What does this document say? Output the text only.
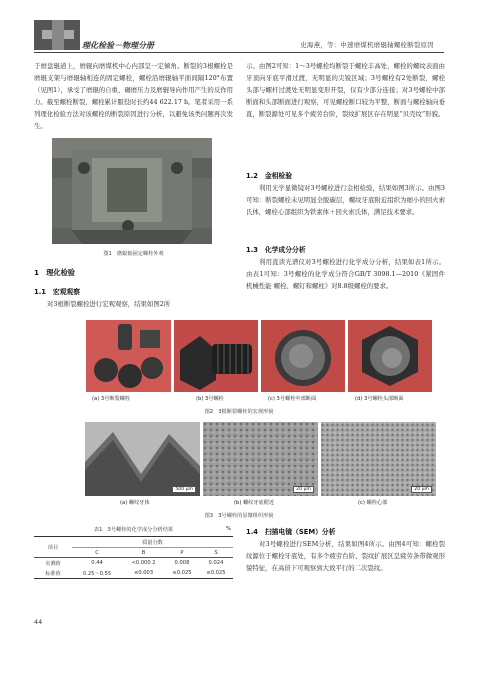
理化检验－物理分册	史海燕，等：中速磨煤机磨辊轴螺栓断裂原因
于磨盘辊道上，磨辊向磨煤机中心内部呈一定倾角。断裂的3根螺栓是磨辊支架与磨辊轴相连的固定螺栓，螺栓沿磨辊轴平面间隔120°布置（见图1），承受了磨辊的自重、碾磨压力及磨辊导向作用产生的反作用力。截至螺栓断裂，螺栓累计服役时长约44 622.17 h。笔者采用一系列理化检验方法对该螺栓的断裂原因进行分析，以避免该类问题再次发生。
图1　磨辊轴固定螺栓外观
1　理化检验
1.1　宏观观察
对3根断裂螺栓进行宏观观察，结果如图2所
示。由图2可知：1～3号螺栓均断裂于螺栓丰高处，螺栓的螺纹表面由牙顶向牙底平滑过渡，无明显的尖锐区域；3号螺栓有2处断裂，螺栓头部与螺杆过渡处无明显变形开裂，仅有少部分连接；对3号螺栓中部断面和头部断面进行观察，可见螺栓断口较为平整，断面与螺栓轴向垂直，断裂源处可见多个疲劳台阶，裂纹扩展区存在明显“贝壳纹”形貌。
1.2　金相检验
利用光学显微镜对3号螺栓进行金相检验，结果如图3所示。由图3可知：断裂螺栓未见明显全脱碳层，螺纹牙底附近组织为细小的回火索氏体，螺栓心部组织为铁素体＋回火索氏体，满足技术要求。
1.3　化学成分分析
利用直读光谱仪对3号螺栓进行化学成分分析，结果如表1所示。由表1可知：3号螺栓的化学成分符合GB/T 3098.1—2010《紧固件机械性能 螺栓、螺钉和螺柱》对8.8级螺栓的要求。
(a) 3号断裂螺栓	(b) 3号螺栓	(c) 3号螺栓中部断面	(d) 3号螺栓头部断面
图2　3根断裂螺栓的宏观形貌
500 μm	20 μm	20 μm
(a) 螺纹牙体	(b) 螺纹牙底附近	(c) 螺栓心部
图3　3号螺栓的显微组织形貌
表1　3号螺栓的化学成分分析结果	%
项目	质量分数			
	C	B	P	S
实测值	0.44	<0.000 2	0.008	0.024
标准值	0.25～0.55	≤0.003	≤0.025	≤0.025
1.4　扫描电镜（SEM）分析
对3号螺栓进行SEM分析，结果如图4所示。由图4可知：螺栓裂纹源位于螺栓牙底处，有多个疲劳台阶，裂纹扩展区呈疲劳条带微观形貌特征，在高倍下可观察到大致平行的二次裂纹。
44
